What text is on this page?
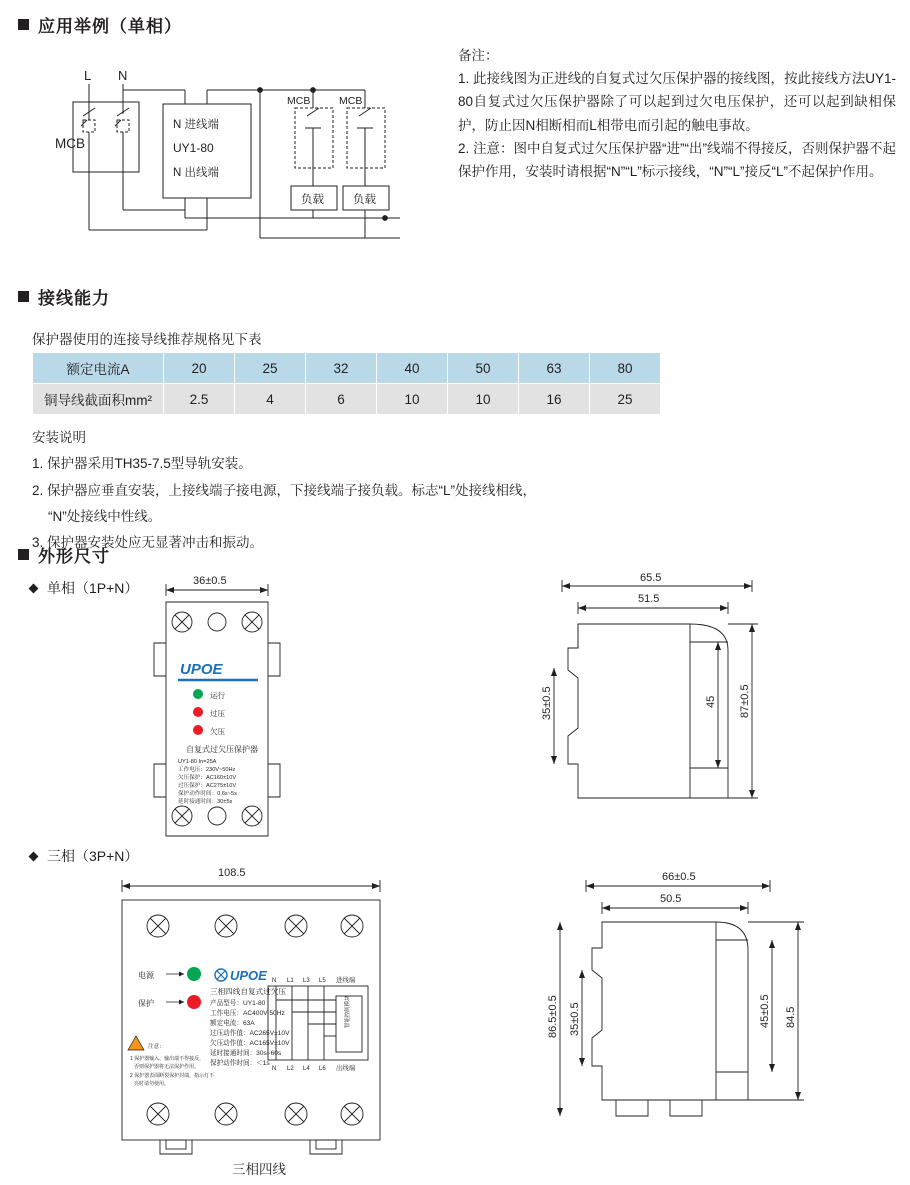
应用举例（单相）
备注：
1. 此接线图为正进线的自复式过欠压保护器的接线图，按此接线方法UY1-80自复式过欠压保护器除了可以起到过欠电压保护，还可以起到缺相保护，防止因N相断相而L相带电而引起的触电事故。
2. 注意：图中自复式过欠压保护器“进”“出”线端不得接反，否则保护器不起保护作用，安装时请根据“N”“L”标示接线，“N”“L”接反“L”不起保护作用。
L N
MCB
N 进线端
UY1-80
N 出线端
MCB	MCB
负载	负载
接线能力
保护器使用的连接导线推荐规格见下表
额定电流A	20	25	32	40	50	63	80
铜导线截面积mm²	2.5	4	6	10	10	16	25
安装说明
1. 保护器采用TH35-7.5型导轨安装。
2. 保护器应垂直安装，上接线端子接电源，下接线端子接负载。标志“L”处接线相线，
“N”处接线中性线。
3. 保护器安装处应无显著冲击和振动。
外形尺寸
单相（1P+N）	36±0.5
UPOE
运行
过压
欠压
自复式过欠压保护器
UY1-80 In=25A
工作电压：230V~50Hz
欠压保护：AC160±10V
过压保护：AC275±10V
保护动作时间：0.6s~5s
延时接通时间：30±5s
65.5
51.5
35±0.5	45 87±0.5
三相（3P+N）
电源
保护
UPOE
三相四线自复式过欠压
产品型号：UY1-80
工作电压：AC400V 50Hz
额定电流：63A
过压动作值：AC265V±10V
欠压动作值：AC165V±10V
延时接通时间：30s~60s
保护动作时间：＜1s
N L1 L3 L5 进线端
N L2 L4 L6 出线端
智能控制模块
注意：
1 保护器输入、输出端不得接反，
否则保护器将无法保护作用。
2 保护器表面断裂保护封端，指示灯不
亮时请勿使用。
108.5	66±0.5
50.5
86.5±0.5 35±0.5	45±0.5 84.5
三相四线
